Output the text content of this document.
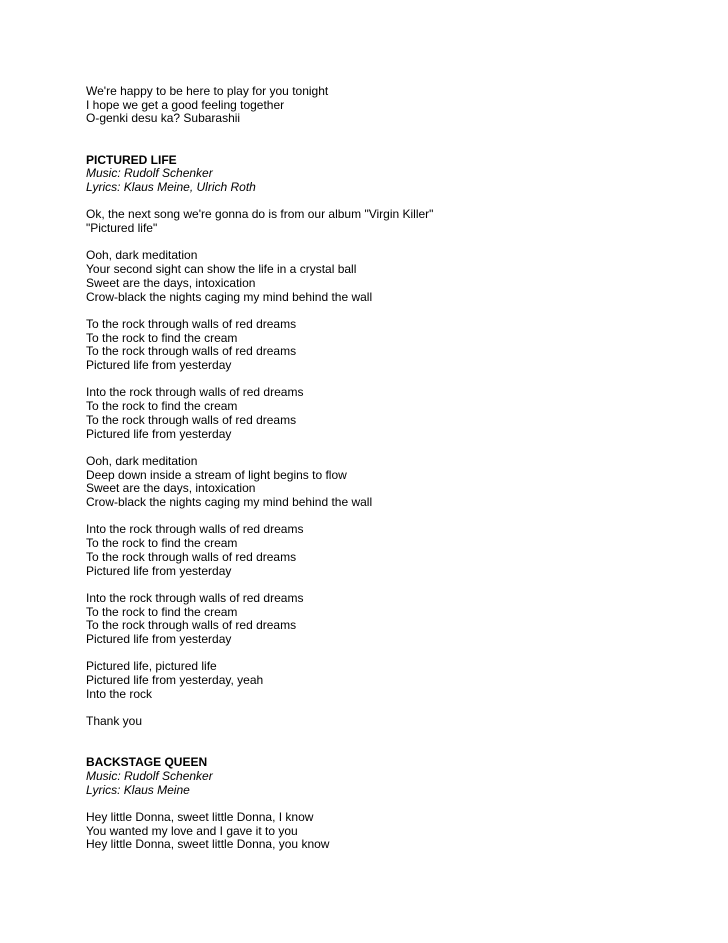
We're happy to be here to play for you tonight
I hope we get a good feeling together
O-genki desu ka? Subarashii
PICTURED LIFE
Music: Rudolf Schenker
Lyrics: Klaus Meine, Ulrich Roth
Ok, the next song we're gonna do is from our album "Virgin Killer"
"Pictured life"
Ooh, dark meditation
Your second sight can show the life in a crystal ball
Sweet are the days, intoxication
Crow-black the nights caging my mind behind the wall
To the rock through walls of red dreams
To the rock to find the cream
To the rock through walls of red dreams
Pictured life from yesterday
Into the rock through walls of red dreams
To the rock to find the cream
To the rock through walls of red dreams
Pictured life from yesterday
Ooh, dark meditation
Deep down inside a stream of light begins to flow
Sweet are the days, intoxication
Crow-black the nights caging my mind behind the wall
Into the rock through walls of red dreams
To the rock to find the cream
To the rock through walls of red dreams
Pictured life from yesterday
Into the rock through walls of red dreams
To the rock to find the cream
To the rock through walls of red dreams
Pictured life from yesterday
Pictured life, pictured life
Pictured life from yesterday, yeah
Into the rock
Thank you
BACKSTAGE QUEEN
Music: Rudolf Schenker
Lyrics: Klaus Meine
Hey little Donna, sweet little Donna, I know
You wanted my love and I gave it to you
Hey little Donna, sweet little Donna, you know
